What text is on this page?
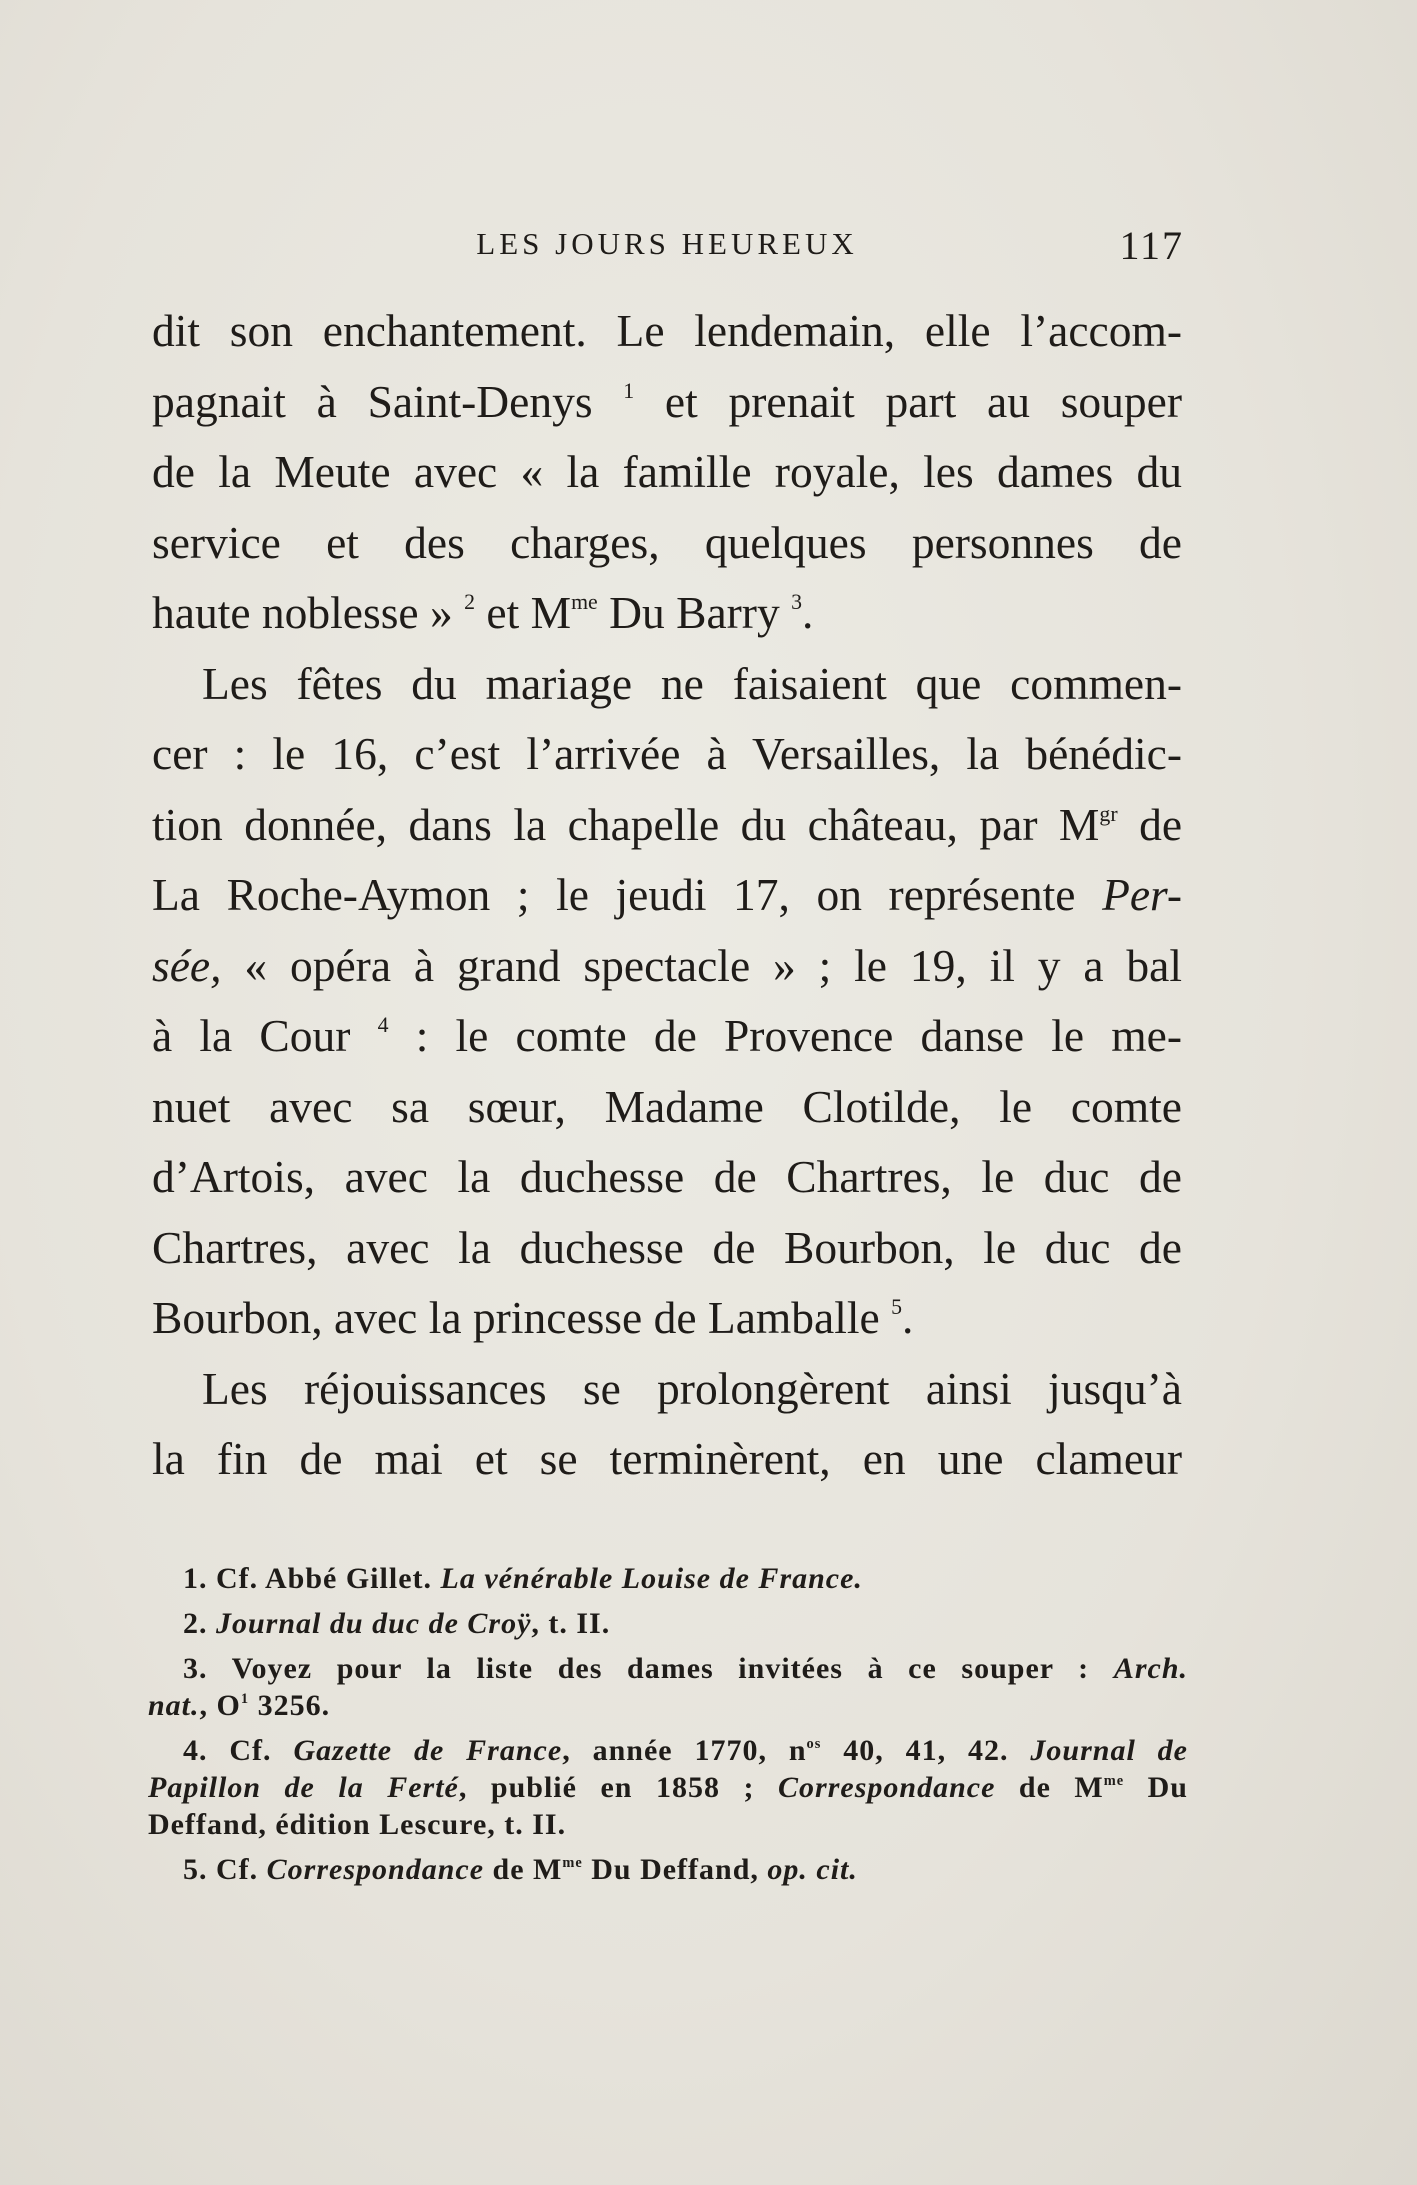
LES JOURS HEUREUX	117
dit son enchantement. Le lendemain, elle l’accom-
pagnait à Saint-Denys $^1$ et prenait part au souper
de la Meute avec « la famille royale, les dames du
service et des charges, quelques personnes de
haute noblesse » $^2$ et $M^{me}$ Du Barry $^3$.
Les fêtes du mariage ne faisaient que commen-
cer : le 16, c’est l’arrivée à Versailles, la bénédic-
tion donnée, dans la chapelle du château, par $M^{gr}$ de
La Roche-Aymon ; le jeudi 17, on représente Per-
sée, « opéra à grand spectacle » ; le 19, il y a bal
à la Cour $^4$ : le comte de Provence danse le me-
nuet avec sa sœur, Madame Clotilde, le comte
d’Artois, avec la duchesse de Chartres, le duc de
Chartres, avec la duchesse de Bourbon, le duc de
Bourbon, avec la princesse de Lamballe $^5$.
Les réjouissances se prolongèrent ainsi jusqu’à
la fin de mai et se terminèrent, en une clameur
1. Cf. Abbé Gillet. La vénérable Louise de France.
2. Journal du duc de Croÿ, t. II.
3. Voyez pour la liste des dames invitées à ce souper : Arch.
nat., $O^1$ 3256.
4. Cf. Gazette de France, année 1770, $n^{os}$ 40, 41, 42. Journal de
Papillon de la Ferté, publié en 1858 ; Correspondance de $M^{me}$ Du
Deffand, édition Lescure, t. II.
5. Cf. Correspondance de $M^{me}$ Du Deffand, op. cit.
